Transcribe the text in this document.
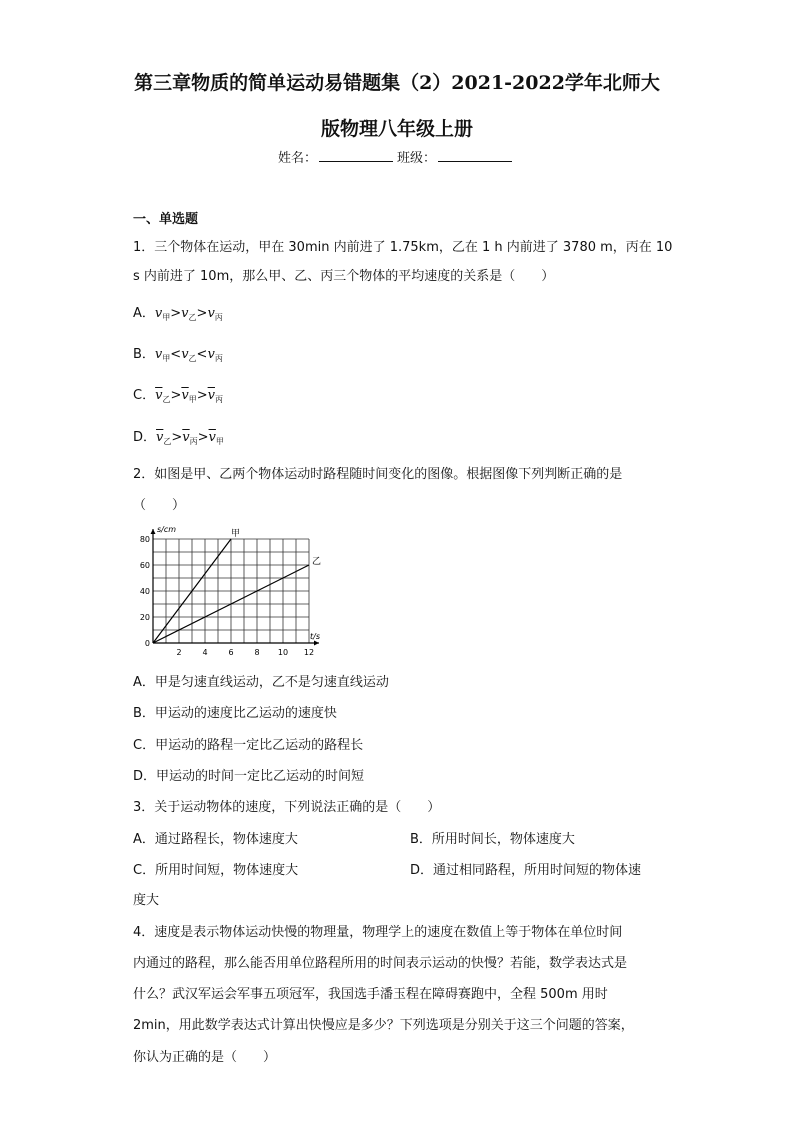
第三章物质的简单运动易错题集（2）2021-2022学年北师大
版物理八年级上册
姓名：	班级：
一、单选题
1．三个物体在运动，甲在 30min 内前进了 1.75km，乙在 1 h 内前进了 3780 m，丙在 10
s 内前进了 10m，那么甲、乙、丙三个物体的平均速度的关系是（　　）
A．$v_甲>v_乙>v_丙$
B．$v_甲<v_乙<v_丙$
C．$\overline{v}_乙>\overline{v}_甲>\overline{v}_丙$
D．$\overline{v}_乙>\overline{v}_丙>\overline{v}_甲$
2．如图是甲、乙两个物体运动时路程随时间变化的图像。根据图像下列判断正确的是
（　　）
s/cm
t/s
0
20
40
60
80
2	4	6	8 10 12
甲
乙
A．甲是匀速直线运动，乙不是匀速直线运动
B．甲运动的速度比乙运动的速度快
C．甲运动的路程一定比乙运动的路程长
D．甲运动的时间一定比乙运动的时间短
3．关于运动物体的速度，下列说法正确的是（　　）
A．通过路程长，物体速度大	B．所用时间长，物体速度大
C．所用时间短，物体速度大	D．通过相同路程，所用时间短的物体速
度大
4．速度是表示物体运动快慢的物理量，物理学上的速度在数值上等于物体在单位时间
内通过的路程，那么能否用单位路程所用的时间表示运动的快慢？若能，数学表达式是
什么？武汉军运会军事五项冠军，我国选手潘玉程在障碍赛跑中，全程 500m 用时
2min，用此数学表达式计算出快慢应是多少？下列选项是分别关于这三个问题的答案，
你认为正确的是（　　）
